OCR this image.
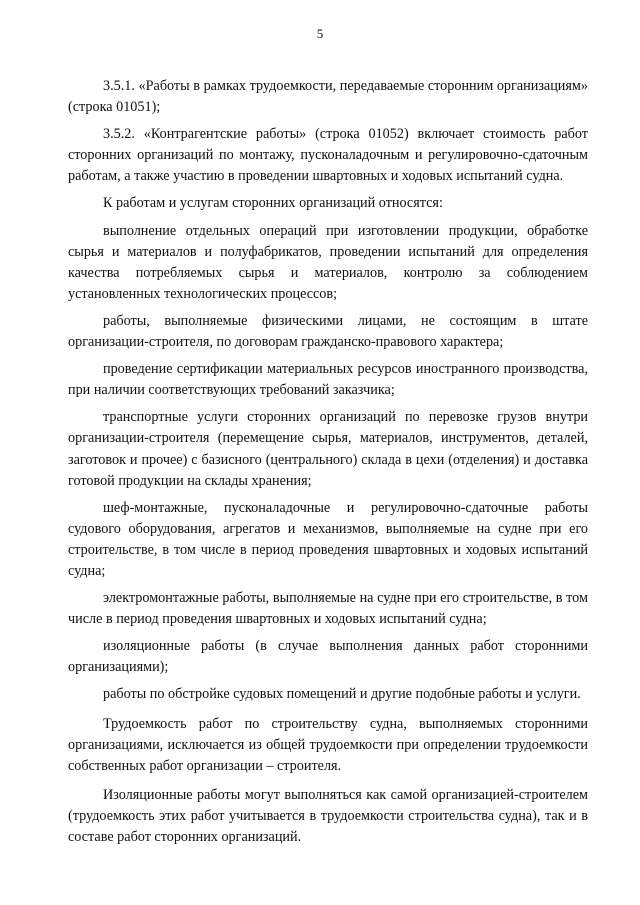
5

3.5.1. «Работы в рамках трудоемкости, передаваемые сторонним организациям» (строка 01051);

3.5.2. «Контрагентские работы» (строка 01052) включает стоимость работ сторонних организаций по монтажу, пусконаладочным и регулировочно-сдаточным работам, а также участию в проведении швартовных и ходовых испытаний судна.

К работам и услугам сторонних организаций относятся:

выполнение отдельных операций при изготовлении продукции, обработке сырья и материалов и полуфабрикатов, проведении испытаний для определения качества потребляемых сырья и материалов, контролю за соблюдением установленных технологических процессов;

работы, выполняемые физическими лицами, не состоящим в штате организации-строителя, по договорам гражданско-правового характера;

проведение сертификации материальных ресурсов иностранного производства, при наличии соответствующих требований заказчика;

транспортные услуги сторонних организаций по перевозке грузов внутри организации-строителя (перемещение сырья, материалов, инструментов, деталей, заготовок и прочее) с базисного (центрального) склада в цехи (отделения) и доставка готовой продукции на склады хранения;

шеф-монтажные, пусконаладочные и регулировочно-сдаточные работы судового оборудования, агрегатов и механизмов, выполняемые на судне при его строительстве, в том числе в период проведения швартовных и ходовых испытаний судна;

электромонтажные работы, выполняемые на судне при его строительстве, в том числе в период проведения швартовных и ходовых испытаний судна;

изоляционные работы (в случае выполнения данных работ сторонними организациями);

работы по обстройке судовых помещений и другие подобные работы и услуги.

Трудоемкость работ по строительству судна, выполняемых сторонними организациями, исключается из общей трудоемкости при определении трудоемкости собственных работ организации – строителя.

Изоляционные работы могут выполняться как самой организацией-строителем (трудоемкость этих работ учитывается в трудоемкости строительства судна), так и в составе работ сторонних организаций.
